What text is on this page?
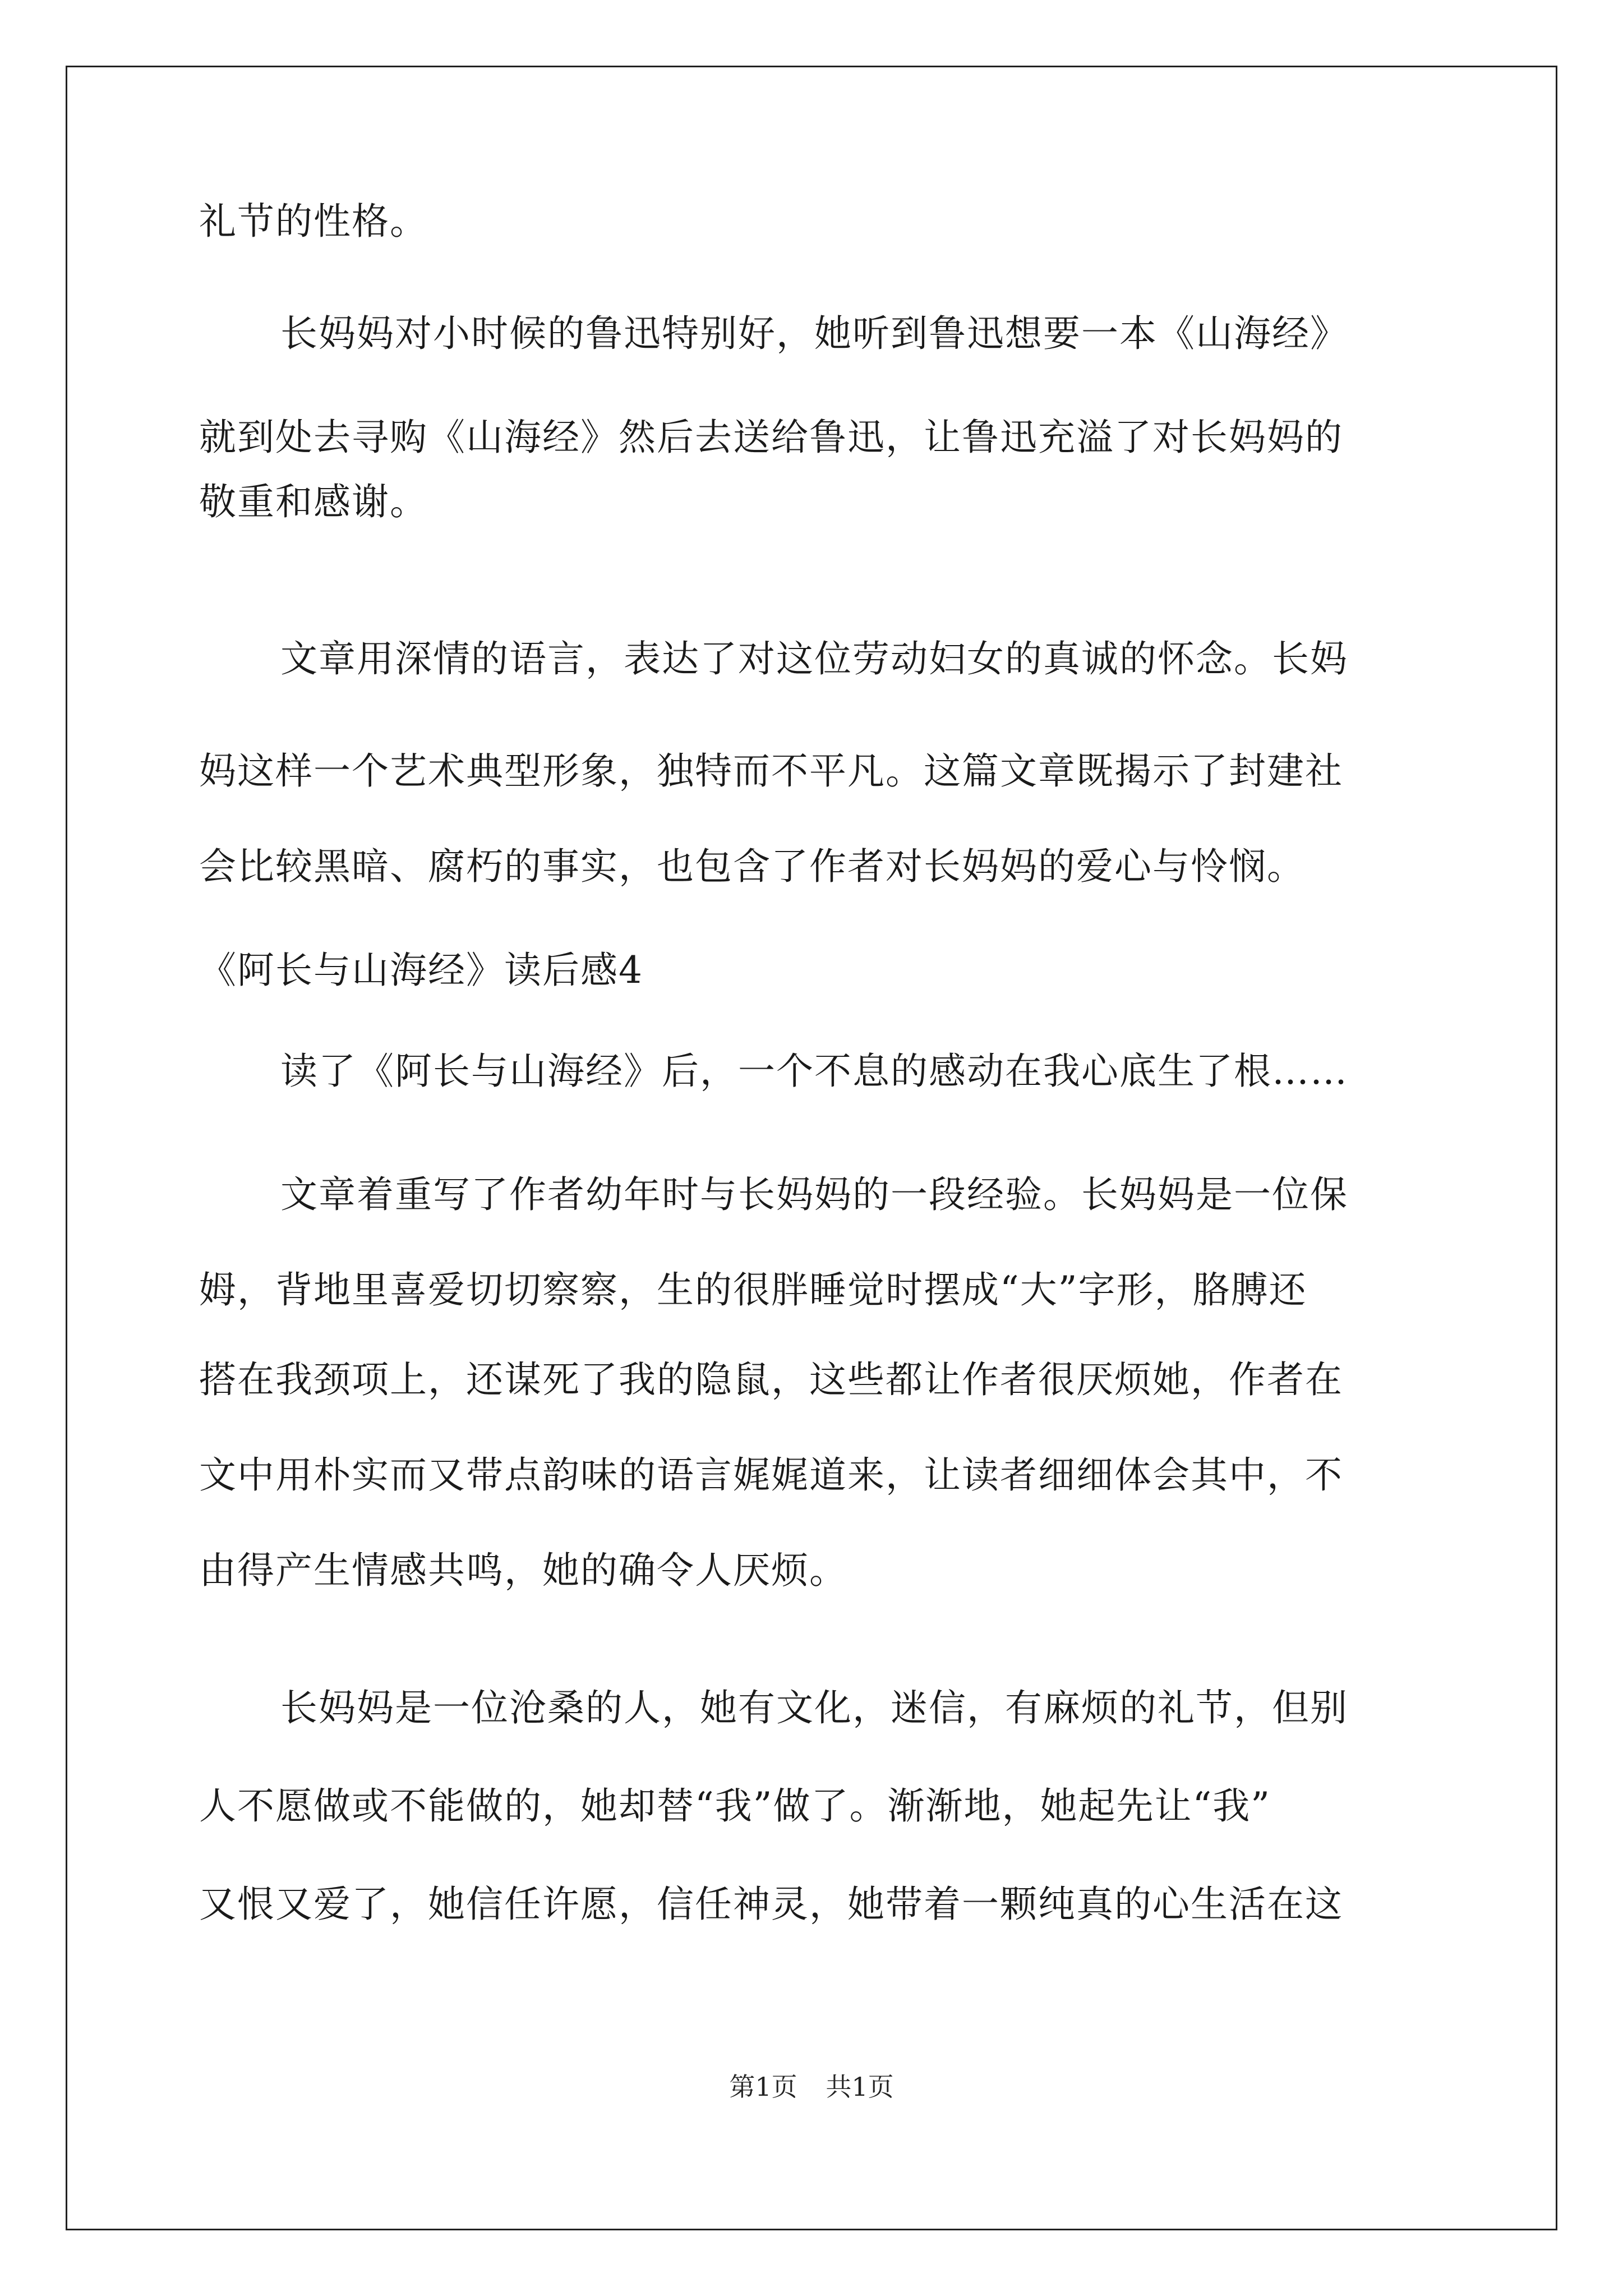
第1页 共1页
礼节的性格。
长妈妈对小时候的鲁迅特别好，她听到鲁迅想要一本《山海经》
就到处去寻购《山海经》然后去送给鲁迅，让鲁迅充溢了对长妈妈的
敬重和感谢。
文章用深情的语言，表达了对这位劳动妇女的真诚的怀念。长妈
妈这样一个艺术典型形象，独特而不平凡。这篇文章既揭示了封建社
会比较黑暗、腐朽的事实，也包含了作者对长妈妈的爱心与怜悯。
《阿长与山海经》读后感4
读了《阿长与山海经》后，一个不息的感动在我心底生了根……
文章着重写了作者幼年时与长妈妈的一段经验。长妈妈是一位保
姆，背地里喜爱切切察察，生的很胖睡觉时摆成“大”字形，胳膊还
搭在我颈项上，还谋死了我的隐鼠，这些都让作者很厌烦她，作者在
文中用朴实而又带点韵味的语言娓娓道来，让读者细细体会其中，不
由得产生情感共鸣，她的确令人厌烦。
长妈妈是一位沧桑的人，她有文化，迷信，有麻烦的礼节，但别
人不愿做或不能做的，她却替“我”做了。渐渐地，她起先让“我”
又恨又爱了，她信任许愿，信任神灵，她带着一颗纯真的心生活在这
